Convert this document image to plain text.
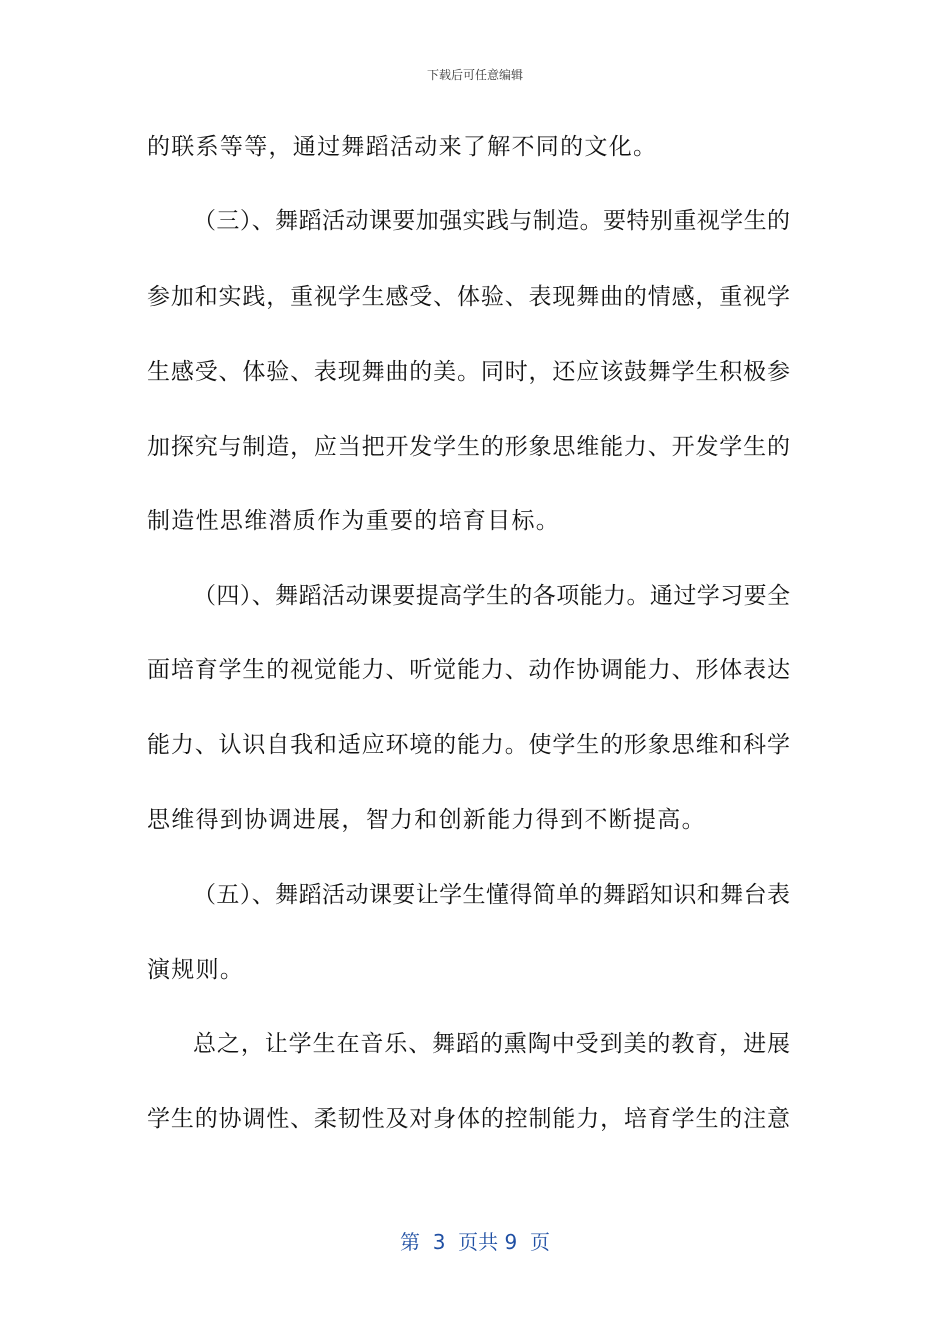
下载后可任意编辑
的联系等等，通过舞蹈活动来了解不同的文化。
（三）、舞蹈活动课要加强实践与制造。要特别重视学生的
参加和实践，重视学生感受、体验、表现舞曲的情感，重视学
生感受、体验、表现舞曲的美。同时，还应该鼓舞学生积极参
加探究与制造，应当把开发学生的形象思维能力、开发学生的
制造性思维潜质作为重要的培育目标。
（四）、舞蹈活动课要提高学生的各项能力。通过学习要全
面培育学生的视觉能力、听觉能力、动作协调能力、形体表达
能力、认识自我和适应环境的能力。使学生的形象思维和科学
思维得到协调进展，智力和创新能力得到不断提高。
（五）、舞蹈活动课要让学生懂得简单的舞蹈知识和舞台表
演规则。
总之，让学生在音乐、舞蹈的熏陶中受到美的教育，进展
学生的协调性、柔韧性及对身体的控制能力，培育学生的注意
第  3  页共 9  页
